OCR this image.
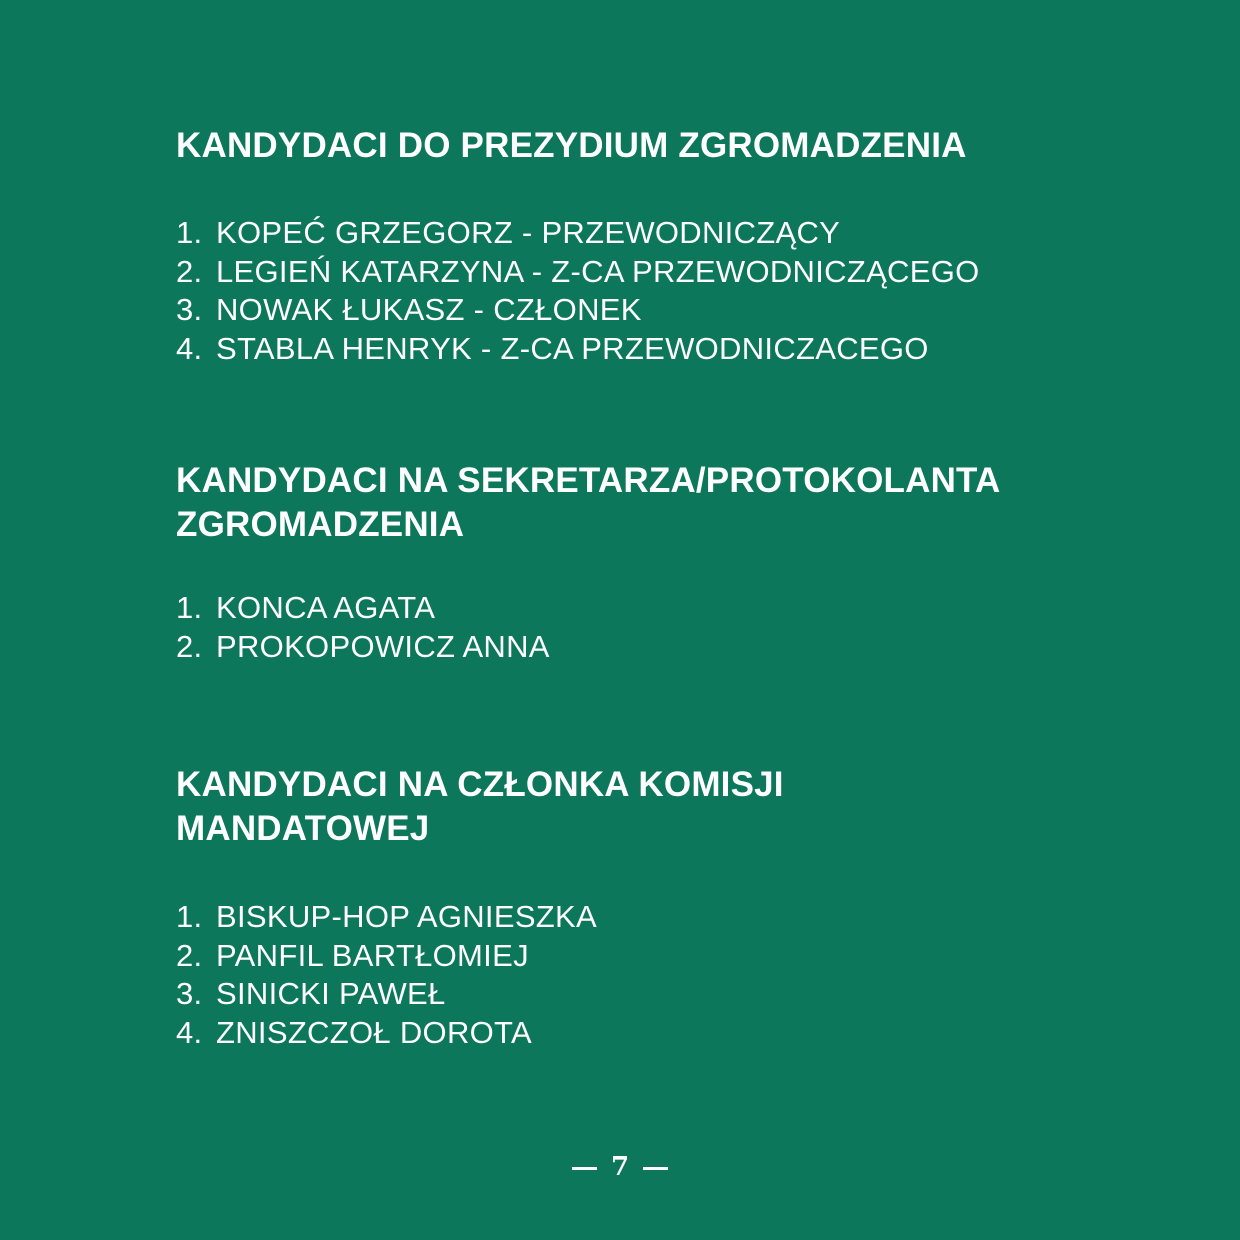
KANDYDACI DO PREZYDIUM ZGROMADZENIA
1. KOPEĆ GRZEGORZ - PRZEWODNICZĄCY
2. LEGIEŃ KATARZYNA - Z-CA PRZEWODNICZĄCEGO
3. NOWAK ŁUKASZ - CZŁONEK
4. STABLA HENRYK - Z-CA PRZEWODNICZACEGO
KANDYDACI NA SEKRETARZA/PROTOKOLANTA
ZGROMADZENIA
1. KONCA AGATA
2. PROKOPOWICZ ANNA
KANDYDACI NA CZŁONKA KOMISJI
MANDATOWEJ
1. BISKUP-HOP AGNIESZKA
2. PANFIL BARTŁOMIEJ
3. SINICKI PAWEŁ
4. ZNISZCZOŁ DOROTA
7
